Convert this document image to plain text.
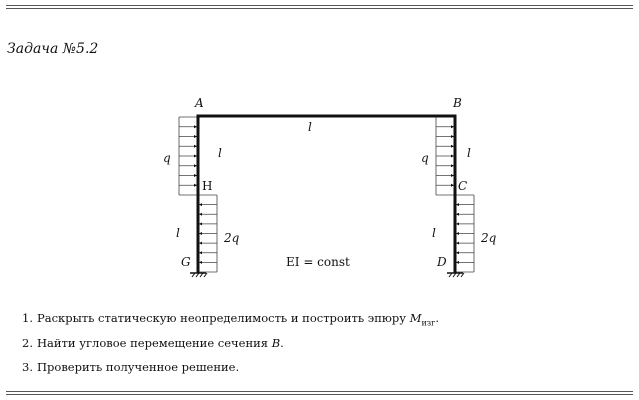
Задача №5.2
A	B
C
D
G
H
l
l
l
l
l
q
2q
q
2q
EI = const
1. Раскрыть статическую неопределимость и построить эпюру $M_{изг}$.
2. Найти угловое перемещение сечения B.
3. Проверить полученное решение.
